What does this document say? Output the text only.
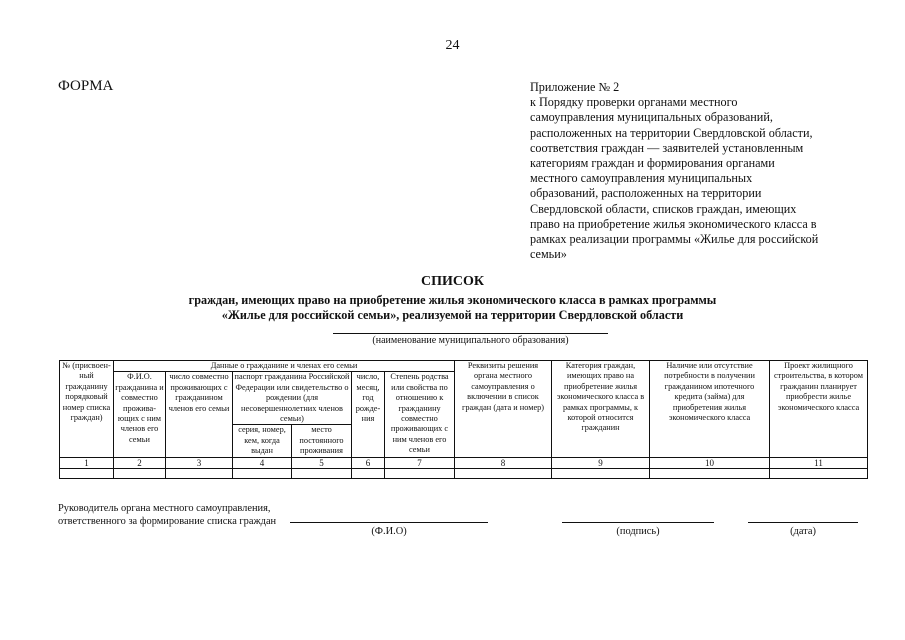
24
ФОРМА	Приложение № 2
к Порядку проверки органами местного
самоуправления муниципальных образований,
расположенных на территории Свердловской области,
соответствия граждан — заявителей установленным
категориям граждан и формирования органами
местного самоуправления муниципальных
образований, расположенных на территории
Свердловской области, списков граждан, имеющих
право на приобретение жилья экономического класса в
рамках реализации программы «Жилье для российской
семьи»
СПИСОК
граждан, имеющих право на приобретение жилья экономического класса в рамках программы
«Жилье для российской семьи», реализуемой на территории Свердловской области
(наименование муниципального образования)
№ (присвоен-ный гражданину порядковый номер списка граждан)	Данные о гражданине и членах его семьи						Реквизиты решения органа местного самоуправления о включении в список граждан (дата и номер)	Категория граждан, имеющих право на приобретение жилья экономического класса в рамках программы, к которой относится гражданин	Наличие или отсутствие потребности в получении гражданином ипотечного кредита (займа) для приобретения жилья экономического класса	Проект жилищного строительства, в котором гражданин планирует приобрести жилье экономического класса
	Ф.И.О. гражданина и совместно прожива-ющих с ним членов его семьи	число совместно проживающих с гражданином членов его семьи	паспорт гражданина Российской Федерации или свидетельство о рождении (для несовершеннолетних членов семьи)		число, месяц, год рожде-ния	Степень родства или свойства по отношению к гражданину совместно проживающих с ним членов его семьи				
			серия, номер, кем, когда выдан	место постоянного проживания						
1	2	3	4	5	6	7	8	9	10	11

Руководитель органа местного самоуправления,
ответственного за формирование списка граждан
(Ф.И.О)	(подпись)	(дата)
